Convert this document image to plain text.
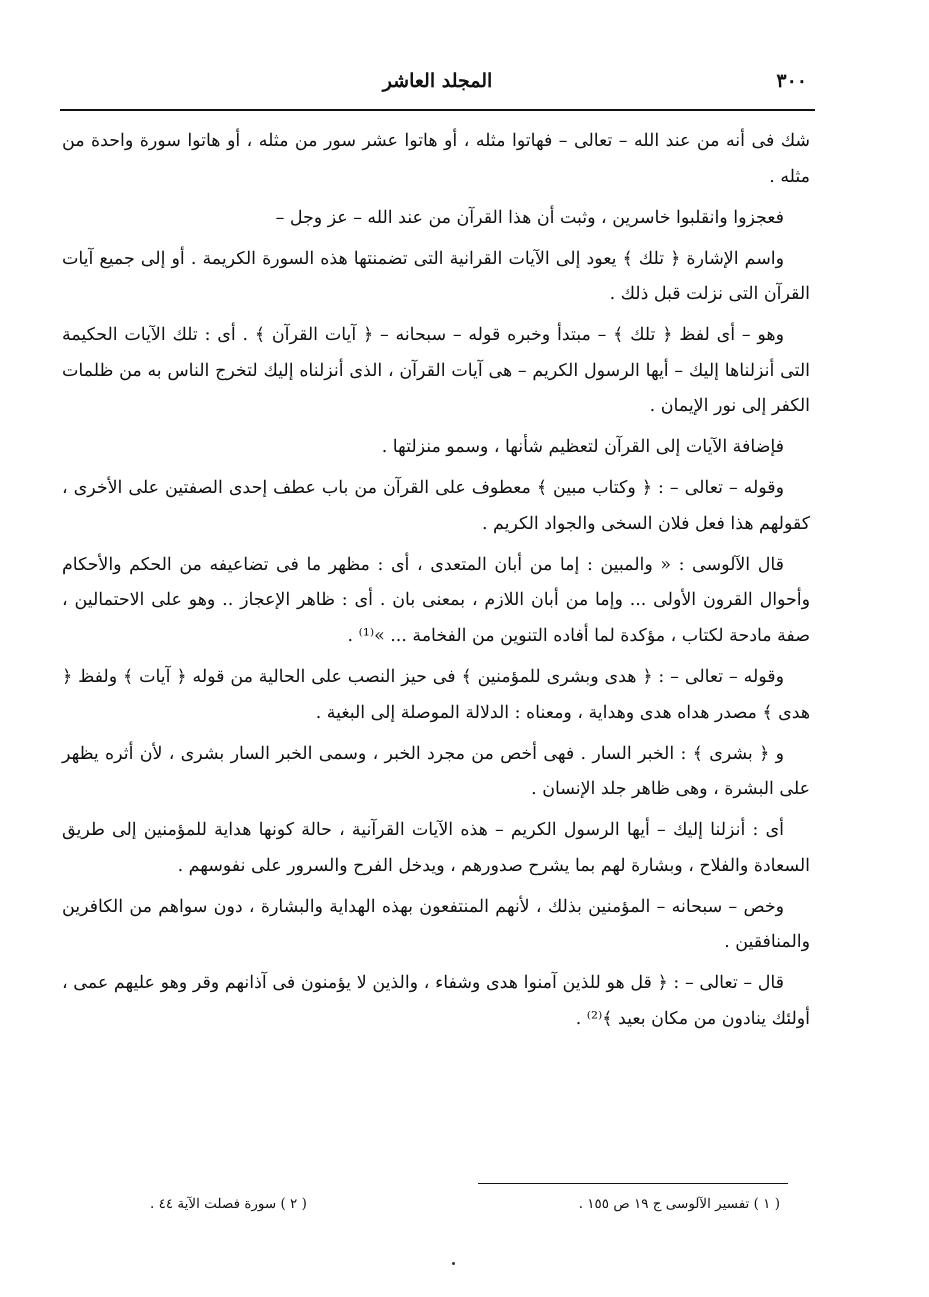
٣٠٠
المجلد العاشر

شك فى أنه من عند الله – تعالى – فهاتوا مثله ، أو هاتوا عشر سور من مثله ، أو هاتوا سورة واحدة من مثله .

فعجزوا وانقلبوا خاسرين ، وثبت أن هذا القرآن من عند الله – عز وجل –

واسم الإشارة ﴿ تلك ﴾ يعود إلى الآيات القرانية التى تضمنتها هذه السورة الكريمة . أو إلى جميع آيات القرآن التى نزلت قبل ذلك .

وهو – أى لفظ ﴿ تلك ﴾ – مبتدأ وخبره قوله – سبحانه – ﴿ آيات القرآن ﴾ . أى : تلك الآيات الحكيمة التى أنزلناها إليك – أيها الرسول الكريم – هى آيات القرآن ، الذى أنزلناه إليك لتخرج الناس به من ظلمات الكفر إلى نور الإيمان .

فإضافة الآيات إلى القرآن لتعظيم شأنها ، وسمو منزلتها .

وقوله – تعالى – : ﴿ وكتاب مبين ﴾ معطوف على القرآن من باب عطف إحدى الصفتين على الأخرى ، كقولهم هذا فعل فلان السخى والجواد الكريم .

قال الآلوسى : « والمبين : إما من أبان المتعدى ، أى : مظهر ما فى تضاعيفه من الحكم والأحكام وأحوال القرون الأولى ... وإما من أبان اللازم ، بمعنى بان . أى : ظاهر الإعجاز .. وهو على الاحتمالين ، صفة مادحة لكتاب ، مؤكدة لما أفاده التنوين من الفخامة ... »⁽¹⁾ .

وقوله – تعالى – : ﴿ هدى وبشرى للمؤمنين ﴾ فى حيز النصب على الحالية من قوله ﴿ آيات ﴾ ولفظ ﴿ هدى ﴾ مصدر هداه هدى وهداية ، ومعناه : الدلالة الموصلة إلى البغية .

و ﴿ بشرى ﴾ : الخبر السار . فهى أخص من مجرد الخبر ، وسمى الخبر السار بشرى ، لأن أثره يظهر على البشرة ، وهى ظاهر جلد الإنسان .

أى : أنزلنا إليك – أيها الرسول الكريم – هذه الآيات القرآنية ، حالة كونها هداية للمؤمنين إلى طريق السعادة والفلاح ، وبشارة لهم بما يشرح صدورهم ، ويدخل الفرح والسرور على نفوسهم .

وخص – سبحانه – المؤمنين بذلك ، لأنهم المنتفعون بهذه الهداية والبشارة ، دون سواهم من الكافرين والمنافقين .

قال – تعالى – : ﴿ قل هو للذين آمنوا هدى وشفاء ، والذين لا يؤمنون فى آذانهم وقر وهو عليهم عمى ، أولئك ينادون من مكان بعيد ﴾⁽²⁾ .

( ١ ) تفسير الآلوسى ج ١٩ ص ١٥٥ .
( ٢ ) سورة فصلت الآية ٤٤ .
